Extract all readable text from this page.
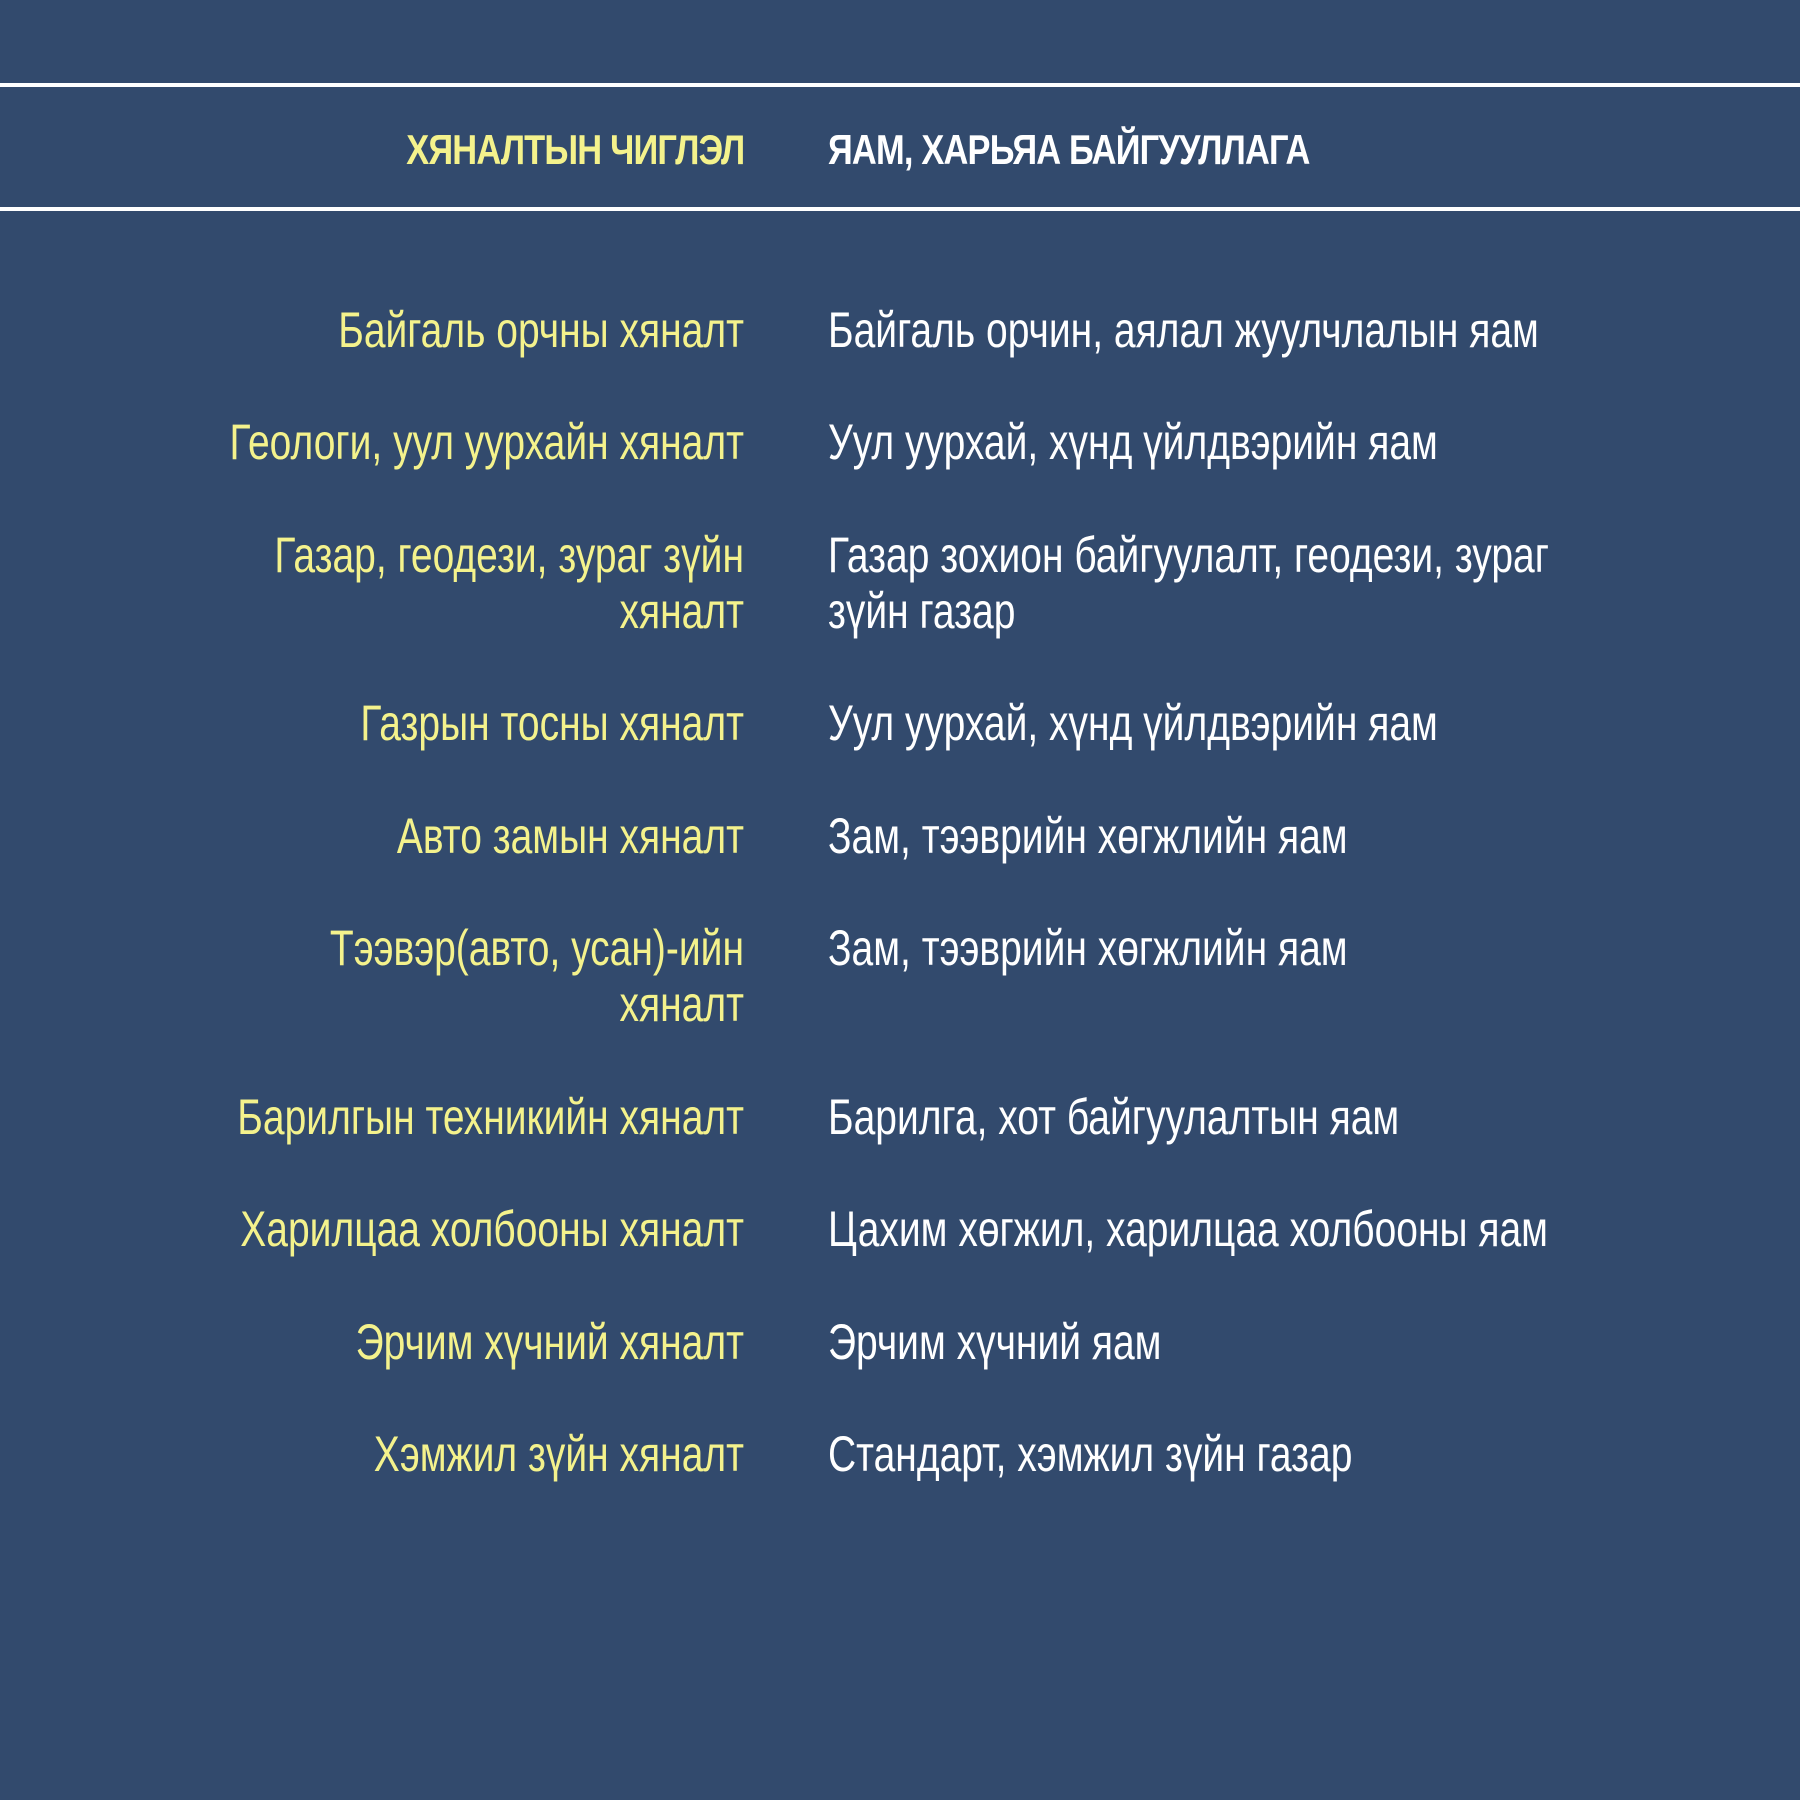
ХЯНАЛТЫН ЧИГЛЭЛ ЯАМ, ХАРЬЯА БАЙГУУЛЛАГА
Байгаль орчны хяналт Байгаль орчин, аялал жуулчлалын яам
Геологи, уул уурхайн хяналт Уул уурхай, хүнд үйлдвэрийн яам
Газар, геодези, зураг зүйн
хяналт
Газар зохион байгуулалт, геодези, зураг
зүйн газар
Газрын тосны хяналт Уул уурхай, хүнд үйлдвэрийн яам
Авто замын хяналт Зам, тээврийн хөгжлийн яам
Тээвэр(авто, усан)-ийн
хяналт
Зам, тээврийн хөгжлийн яам
Барилгын техникийн хяналт Барилга, хот байгуулалтын яам
Харилцаа холбооны хяналт Цахим хөгжил, харилцаа холбооны яам
Эрчим хүчний хяналт Эрчим хүчний яам
Хэмжил зүйн хяналт Стандарт, хэмжил зүйн газар
